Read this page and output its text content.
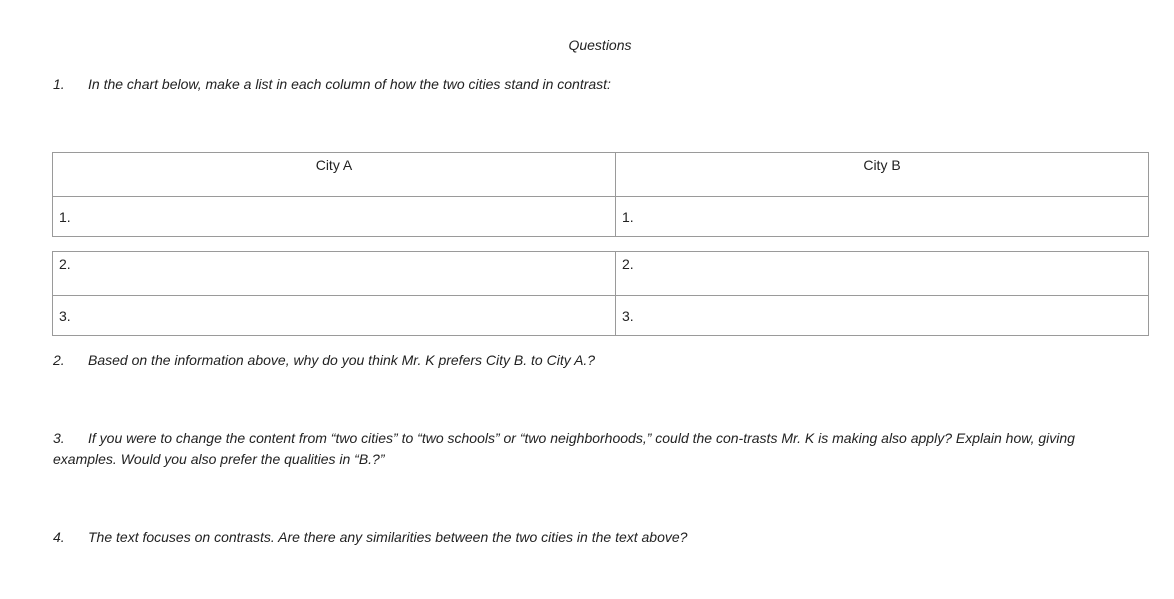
Questions
1. In the chart below, make a list in each column of how the two cities stand in contrast:
City A	City B
1.	1.
2.	2.
3.	3.
2. Based on the information above, why do you think Mr. K prefers City B. to City A.?
3. If you were to change the content from “two cities” to “two schools” or “two neighborhoods,” could the con-trasts Mr. K is making also apply? Explain how, giving examples. Would you also prefer the qualities in “B.?”
4. The text focuses on contrasts. Are there any similarities between the two cities in the text above?
